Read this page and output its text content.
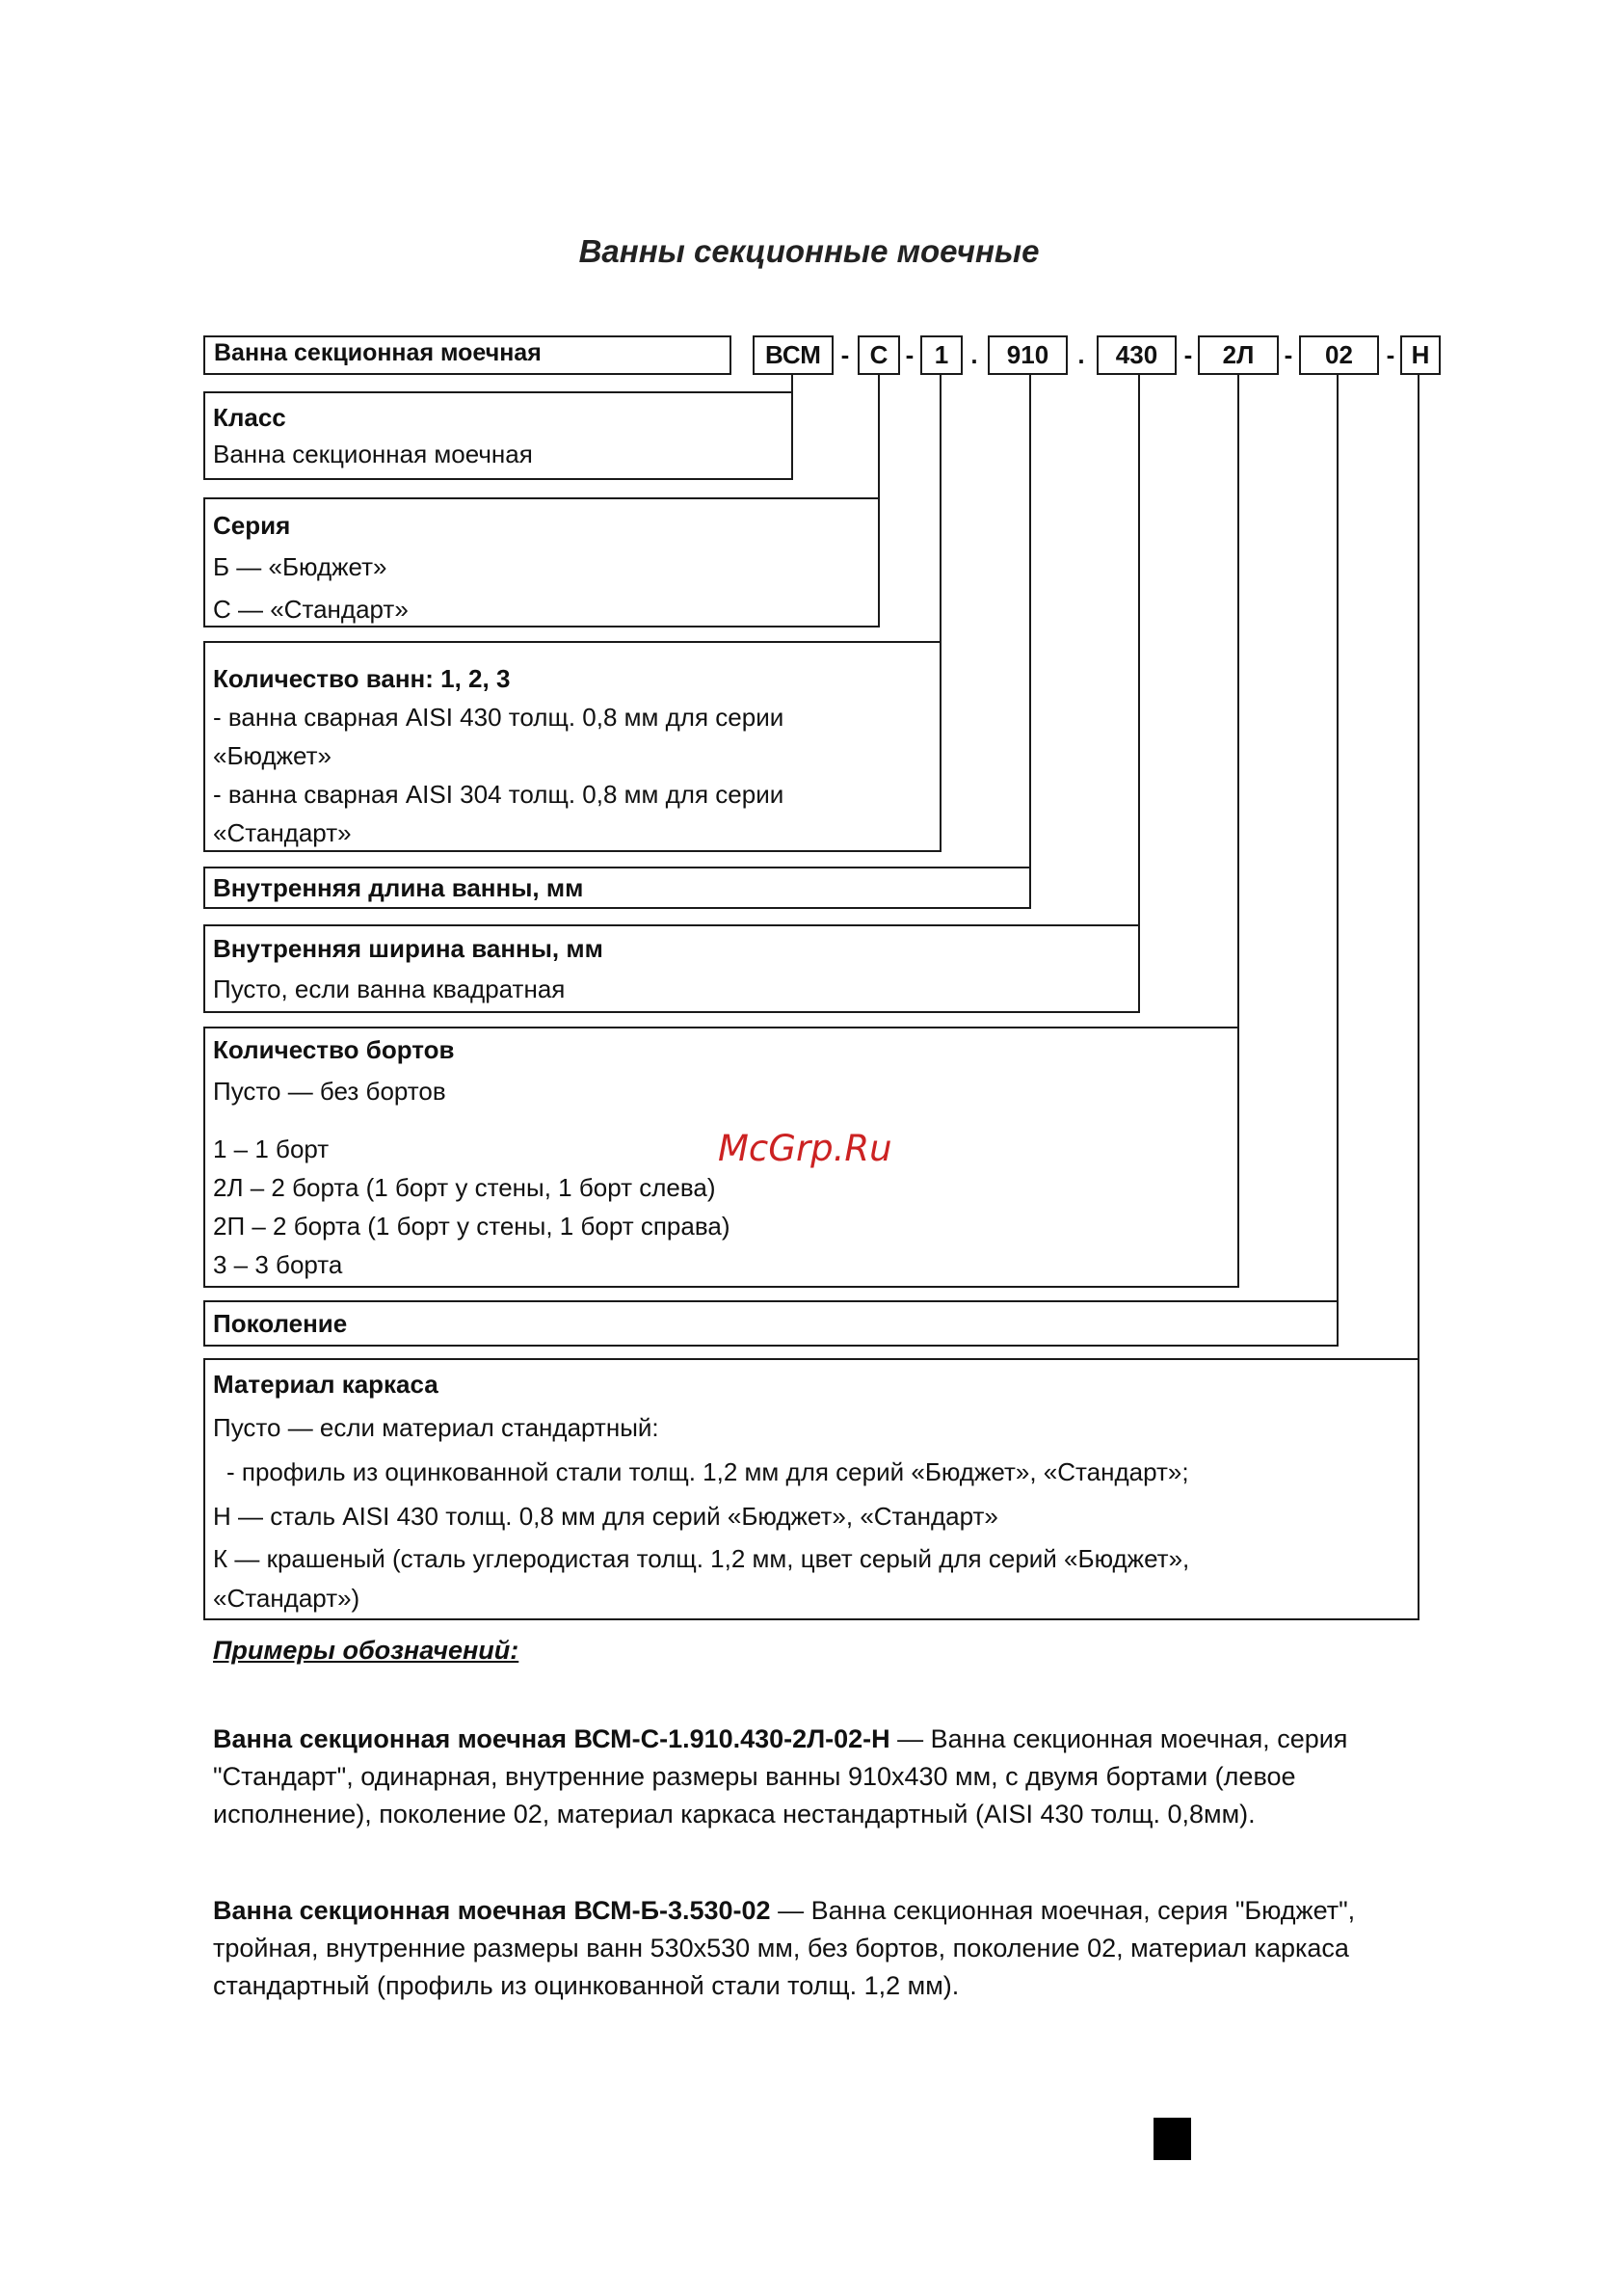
Ванны секционные моечные
Ванна секционная моечная	ВСМ - С - 1 .	910	.	430	-	2Л	-	02	- Н
Класс
Ванна секционная моечная
Серия
Б — «Бюджет»
С — «Стандарт»
Количество ванн: 1, 2, 3
- ванна сварная AISI 430 толщ. 0,8 мм для серии
«Бюджет»
- ванна сварная AISI 304 толщ. 0,8 мм для серии
«Стандарт»
Внутренняя длина ванны, мм
Внутренняя ширина ванны, мм
Пусто, если ванна квадратная
Количество бортов
Пусто — без бортов
1 – 1 борт
2Л – 2 борта (1 борт у стены, 1 борт слева)
2П – 2 борта (1 борт у стены, 1 борт справа)
3 – 3 борта
Поколение
Материал каркаса
Пусто — если материал стандартный:
- профиль из оцинкованной стали толщ. 1,2 мм для серий «Бюджет», «Стандарт»;
Н — сталь AISI 430 толщ. 0,8 мм для серий «Бюджет», «Стандарт»
К — крашеный (сталь углеродистая толщ. 1,2 мм, цвет серый для серий «Бюджет»,
«Стандарт»)
McGrp.Ru
Примеры обозначений:
Ванна секционная моечная ВСМ-С-1.910.430-2Л-02-Н — Ванна секционная моечная, серия "Стандарт", одинарная, внутренние размеры ванны 910х430 мм, с двумя бортами (левое исполнение), поколение 02, материал каркаса нестандартный (AISI 430 толщ. 0,8мм).
Ванна секционная моечная ВСМ-Б-3.530-02 — Ванна секционная моечная, серия "Бюджет", тройная, внутренние размеры ванн 530х530 мм, без бортов, поколение 02, материал каркаса стандартный (профиль из оцинкованной стали толщ. 1,2 мм).
